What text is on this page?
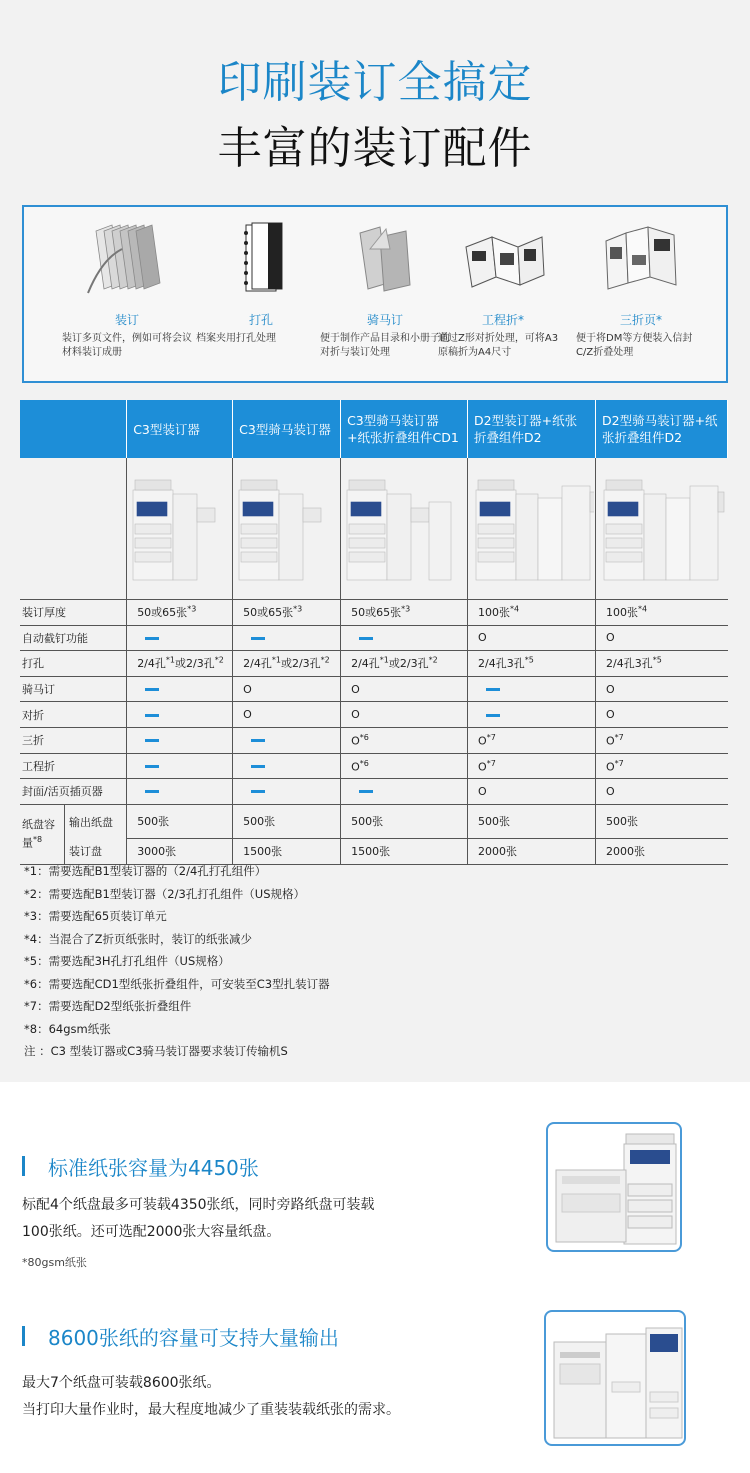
印刷装订全搞定
丰富的装订配件
装订
装订多页文件，例如可将会议材料装订成册
打孔
档案夹用打孔处理
骑马订
便于制作产品目录和小册子的对折与装订处理
工程折*
通过Z形对折处理，可将A3原稿折为A4尺寸
三折页*
便于将DM等方便装入信封C/Z折叠处理
	C3型装订器	C3型骑马装订器	C3型骑马装订器+纸张折叠组件CD1	D2型装订器+纸张折叠组件D2	D2型骑马装订器+纸张折叠组件D2

装订厚度	50或65张$^{*3}$	50或65张$^{*3}$	50或65张$^{*3}$	100张$^{*4}$	100张$^{*4}$
自动截钉功能				O	O
打孔	2/4孔$^{*1}$或2/3孔$^{*2}$	2/4孔$^{*1}$或2/3孔$^{*2}$	2/4孔$^{*1}$或2/3孔$^{*2}$	2/4孔3孔$^{*5}$	2/4孔3孔$^{*5}$
骑马订		O	O		O
对折		O	O		O
三折			$O^{*6}$	$O^{*7}$	$O^{*7}$
工程折			$O^{*6}$	$O^{*7}$	$O^{*7}$
封面/活页插页器				O	O

纸盘容量$^{*8}$
输出纸盘	500张	500张	500张	500张	500张

装订盘	3000张	1500张	1500张	2000张	2000张
*1：需要选配B1型装订器的（2/4孔打孔组件）
*2：需要选配B1型装订器（2/3孔打孔组件（US规格）
*3：需要选配65页装订单元
*4：当混合了Z折页纸张时，装订的纸张减少
*5：需要选配3H孔打孔组件（US规格）
*6：需要选配CD1型纸张折叠组件，可安装至C3型扎装订器
*7：需要选配D2型纸张折叠组件
*8：64gsm纸张
注 ：C3 型装订器或C3骑马装订器要求装订传输机S
标准纸张容量为4450张
标配4个纸盘最多可装载4350张纸，同时旁路纸盘可装载
100张纸。还可选配2000张大容量纸盘。
*80gsm纸张
8600张纸的容量可支持大量输出
最大7个纸盘可装载8600张纸。
当打印大量作业时，最大程度地减少了重装装载纸张的需求。
